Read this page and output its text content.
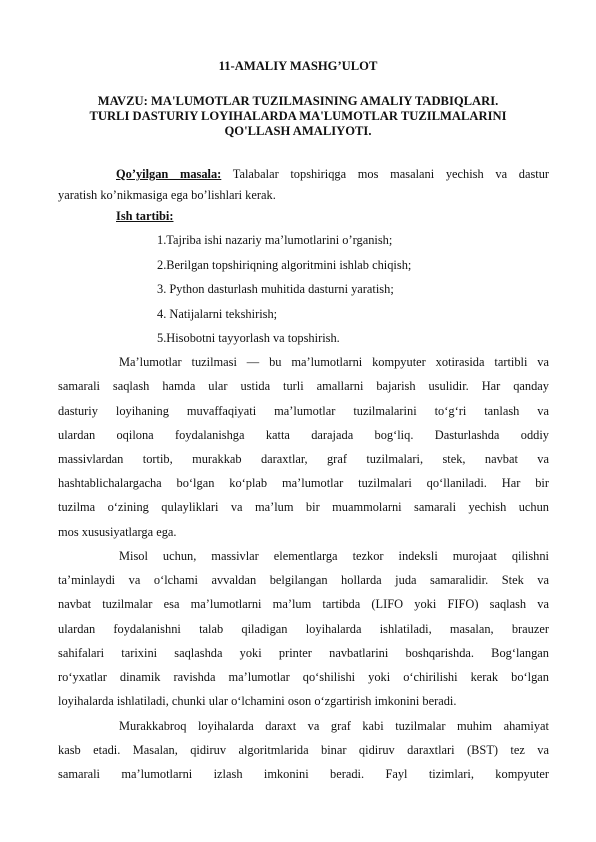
11-AMALIY MASHG’ULOT
MAVZU: MA'LUMOTLAR TUZILMASINING AMALIY TADBIQLARI.
TURLI DASTURIY LOYIHALARDA MA'LUMOTLAR TUZILMALARINI
QO'LLASH AMALIYOTI.
Qo’yilgan masala: Talabalar topshiriqga mos masalani yechish va dastur
yaratish ko’nikmasiga ega bo’lishlari kerak.
Ish tartibi:
1.Tajriba ishi nazariy ma’lumotlarini o’rganish;
2.Berilgan topshiriqning algoritmini ishlab chiqish;
3. Python dasturlash muhitida dasturni yaratish;
4. Natijalarni tekshirish;
5.Hisobotni tayyorlash va topshirish.
Ma’lumotlar tuzilmasi — bu ma’lumotlarni kompyuter xotirasida tartibli va
samarali saqlash hamda ular ustida turli amallarni bajarish usulidir. Har qanday
dasturiy loyihaning muvaffaqiyati ma’lumotlar tuzilmalarini to‘g‘ri tanlash va
ulardan oqilona foydalanishga katta darajada bog‘liq. Dasturlashda oddiy
massivlardan tortib, murakkab daraxtlar, graf tuzilmalari, stek, navbat va
hashtablichalargacha bo‘lgan ko‘plab ma’lumotlar tuzilmalari qo‘llaniladi. Har bir
tuzilma o‘zining qulayliklari va ma’lum bir muammolarni samarali yechish uchun
mos xususiyatlarga ega.
Misol uchun, massivlar elementlarga tezkor indeksli murojaat qilishni
ta’minlaydi va o‘lchami avvaldan belgilangan hollarda juda samaralidir. Stek va
navbat tuzilmalar esa ma’lumotlarni ma’lum tartibda (LIFO yoki FIFO) saqlash va
ulardan foydalanishni talab qiladigan loyihalarda ishlatiladi, masalan, brauzer
sahifalari tarixini saqlashda yoki printer navbatlarini boshqarishda. Bog‘langan
ro‘yxatlar dinamik ravishda ma’lumotlar qo‘shilishi yoki o‘chirilishi kerak bo‘lgan
loyihalarda ishlatiladi, chunki ular o‘lchamini oson o‘zgartirish imkonini beradi.
Murakkabroq loyihalarda daraxt va graf kabi tuzilmalar muhim ahamiyat
kasb etadi. Masalan, qidiruv algoritmlarida binar qidiruv daraxtlari (BST) tez va
samarali ma’lumotlarni izlash imkonini beradi. Fayl tizimlari, kompyuter
